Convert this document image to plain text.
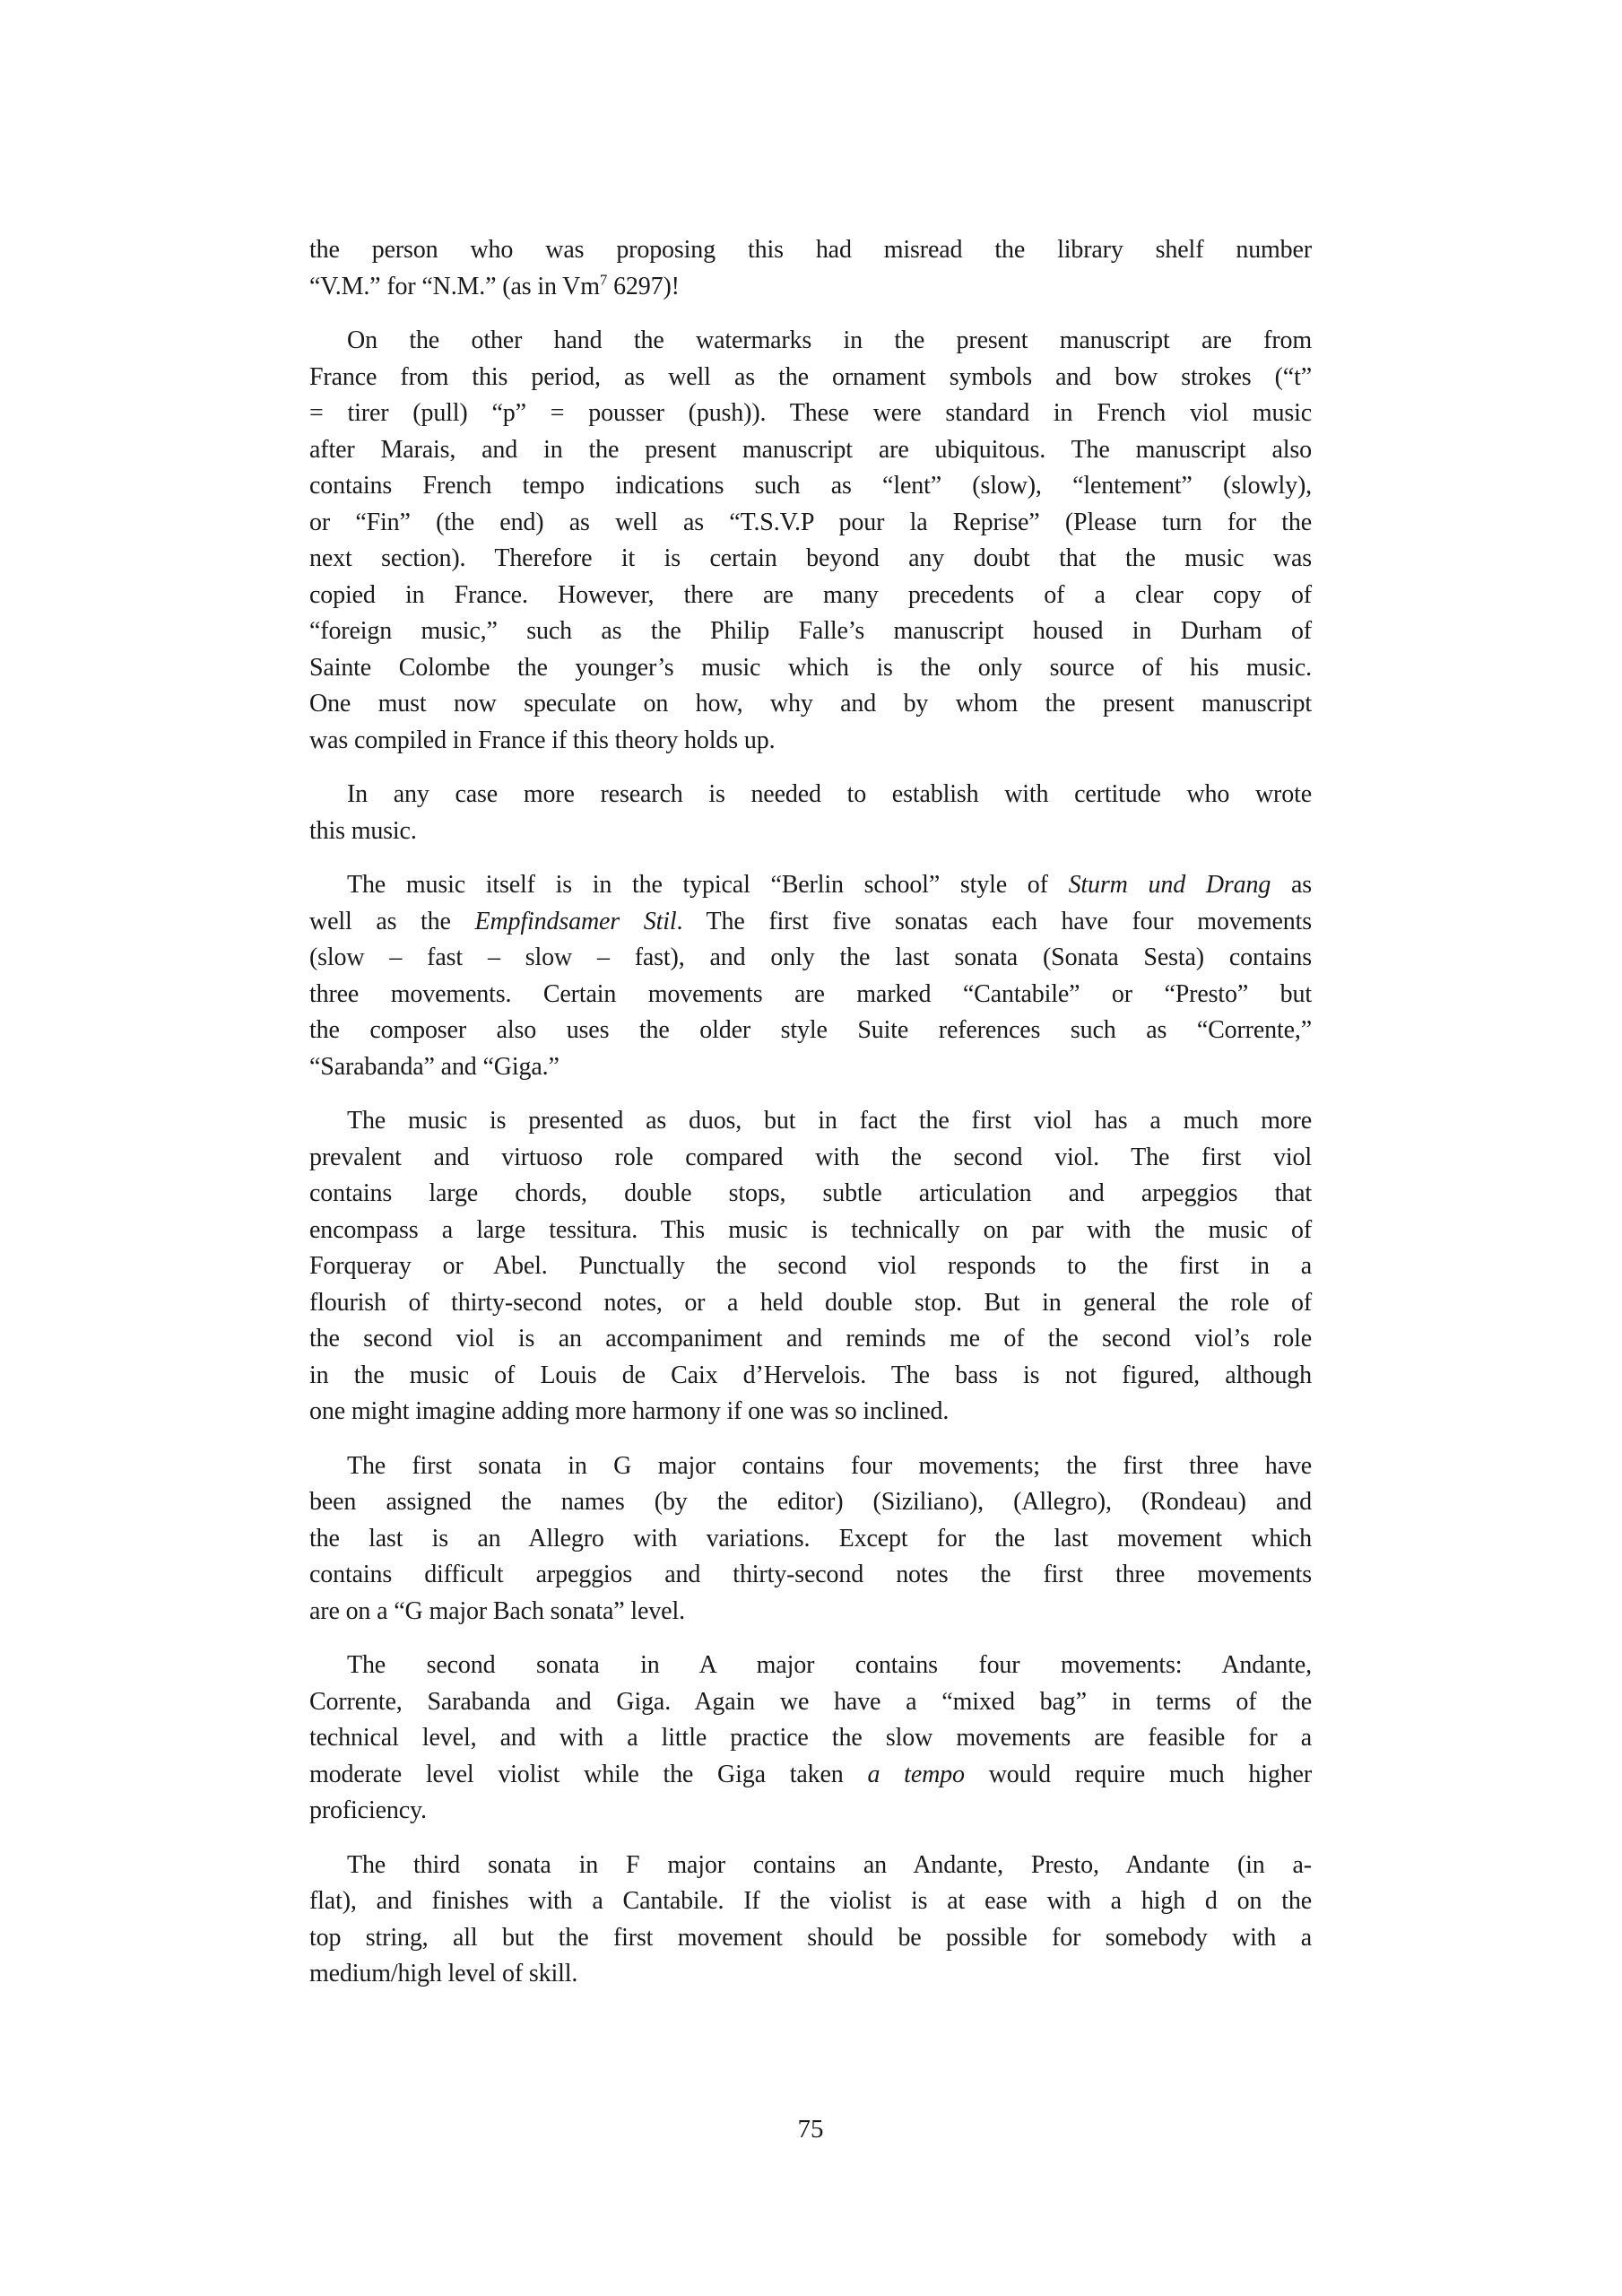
the person who was proposing this had misread the library shelf number
“V.M.” for “N.M.” (as in Vm$^7$ 6297)!
On the other hand the watermarks in the present manuscript are from
France from this period, as well as the ornament symbols and bow strokes (“t”
= tirer (pull) “p” = pousser (push)). These were standard in French viol music
after Marais, and in the present manuscript are ubiquitous. The manuscript also
contains French tempo indications such as “lent” (slow), “lentement” (slowly),
or “Fin” (the end) as well as “T.S.V.P pour la Reprise” (Please turn for the
next section). Therefore it is certain beyond any doubt that the music was
copied in France. However, there are many precedents of a clear copy of
“foreign music,” such as the Philip Falle’s manuscript housed in Durham of
Sainte Colombe the younger’s music which is the only source of his music.
One must now speculate on how, why and by whom the present manuscript
was compiled in France if this theory holds up.
In any case more research is needed to establish with certitude who wrote
this music.
The music itself is in the typical “Berlin school” style of Sturm und Drang as
well as the Empfindsamer Stil. The first five sonatas each have four movements
(slow – fast – slow – fast), and only the last sonata (Sonata Sesta) contains
three movements. Certain movements are marked “Cantabile” or “Presto” but
the composer also uses the older style Suite references such as “Corrente,”
“Sarabanda” and “Giga.”
The music is presented as duos, but in fact the first viol has a much more
prevalent and virtuoso role compared with the second viol. The first viol
contains large chords, double stops, subtle articulation and arpeggios that
encompass a large tessitura. This music is technically on par with the music of
Forqueray or Abel. Punctually the second viol responds to the first in a
flourish of thirty-second notes, or a held double stop. But in general the role of
the second viol is an accompaniment and reminds me of the second viol’s role
in the music of Louis de Caix d’Hervelois. The bass is not figured, although
one might imagine adding more harmony if one was so inclined.
The first sonata in G major contains four movements; the first three have
been assigned the names (by the editor) (Siziliano), (Allegro), (Rondeau) and
the last is an Allegro with variations. Except for the last movement which
contains difficult arpeggios and thirty-second notes the first three movements
are on a “G major Bach sonata” level.
The second sonata in A major contains four movements: Andante,
Corrente, Sarabanda and Giga. Again we have a “mixed bag” in terms of the
technical level, and with a little practice the slow movements are feasible for a
moderate level violist while the Giga taken a tempo would require much higher
proficiency.
The third sonata in F major contains an Andante, Presto, Andante (in a-
flat), and finishes with a Cantabile. If the violist is at ease with a high d on the
top string, all but the first movement should be possible for somebody with a
medium/high level of skill.
75
